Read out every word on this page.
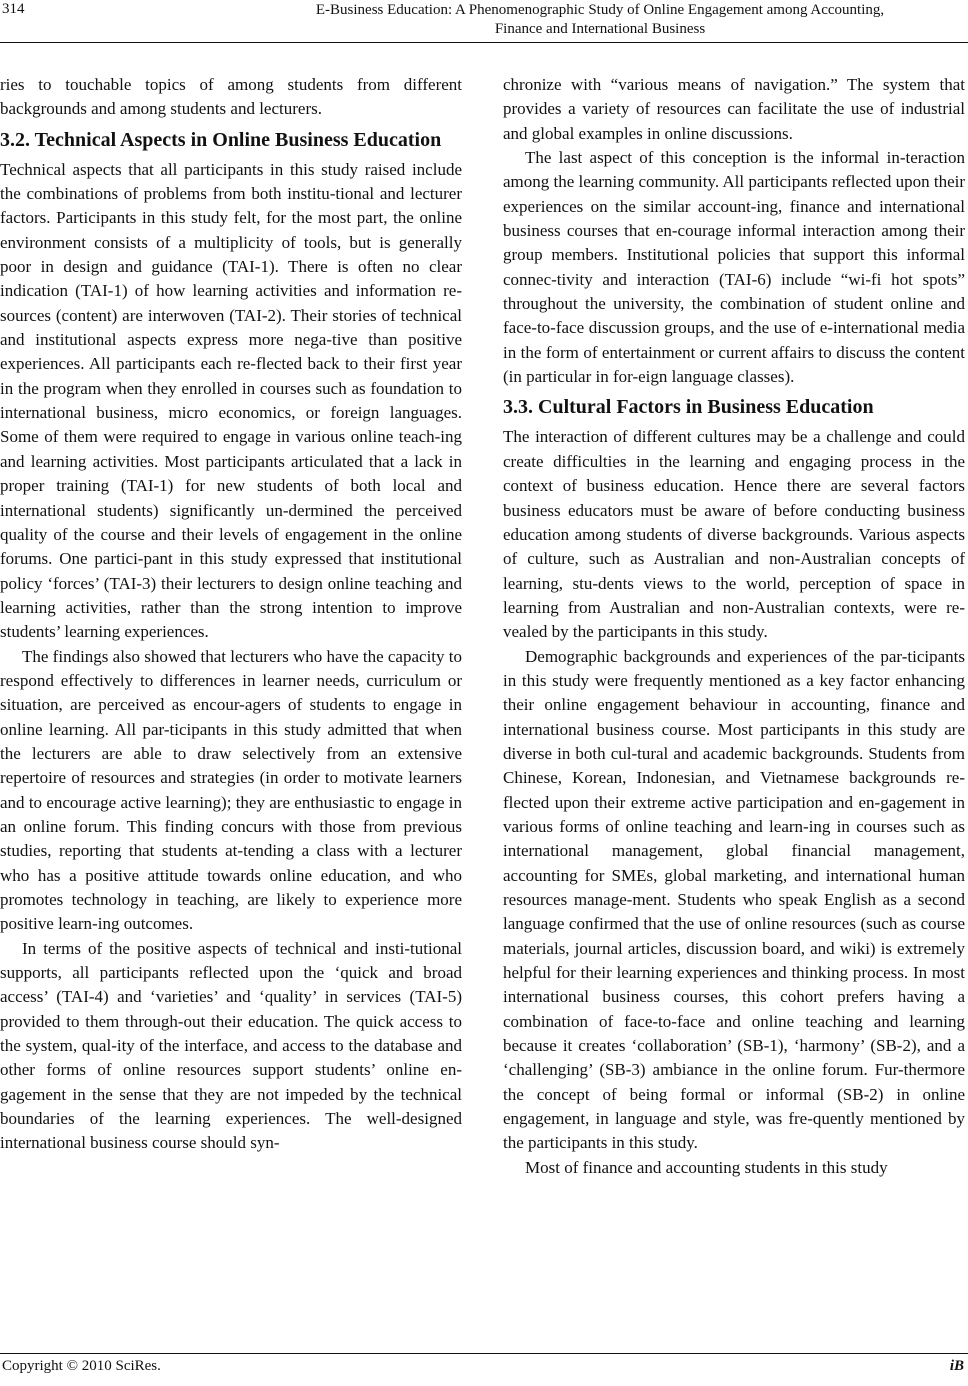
314	E-Business Education: A Phenomenographic Study of Online Engagement among Accounting,
Finance and International Business

ries to touchable topics of among students from different backgrounds and among students and lecturers.

3.2. Technical Aspects in Online Business Education

Technical aspects that all participants in this study raised include the combinations of problems from both institu-tional and lecturer factors. Participants in this study felt, for the most part, the online environment consists of a multiplicity of tools, but is generally poor in design and guidance (TAI-1). There is often no clear indication (TAI-1) of how learning activities and information re-sources (content) are interwoven (TAI-2). Their stories of technical and institutional aspects express more nega-tive than positive experiences. All participants each re-flected back to their first year in the program when they enrolled in courses such as foundation to international business, micro economics, or foreign languages. Some of them were required to engage in various online teach-ing and learning activities. Most participants articulated that a lack in proper training (TAI-1) for new students of both local and international students) significantly un-dermined the perceived quality of the course and their levels of engagement in the online forums. One partici-pant in this study expressed that institutional policy ‘forces’ (TAI-3) their lecturers to design online teaching and learning activities, rather than the strong intention to improve students’ learning experiences.

The findings also showed that lecturers who have the capacity to respond effectively to differences in learner needs, curriculum or situation, are perceived as encour-agers of students to engage in online learning. All par-ticipants in this study admitted that when the lecturers are able to draw selectively from an extensive repertoire of resources and strategies (in order to motivate learners and to encourage active learning); they are enthusiastic to engage in an online forum. This finding concurs with those from previous studies, reporting that students at-tending a class with a lecturer who has a positive attitude towards online education, and who promotes technology in teaching, are likely to experience more positive learn-ing outcomes.

In terms of the positive aspects of technical and insti-tutional supports, all participants reflected upon the ‘quick and broad access’ (TAI-4) and ‘varieties’ and ‘quality’ in services (TAI-5) provided to them through-out their education. The quick access to the system, qual-ity of the interface, and access to the database and other forms of online resources support students’ online en-gagement in the sense that they are not impeded by the technical boundaries of the learning experiences. The well-designed international business course should syn-

chronize with “various means of navigation.” The system that provides a variety of resources can facilitate the use of industrial and global examples in online discussions.

The last aspect of this conception is the informal in-teraction among the learning community. All participants reflected upon their experiences on the similar account-ing, finance and international business courses that en-courage informal interaction among their group members. Institutional policies that support this informal connec-tivity and interaction (TAI-6) include “wi-fi hot spots” throughout the university, the combination of student online and face-to-face discussion groups, and the use of e-international media in the form of entertainment or current affairs to discuss the content (in particular in for-eign language classes).

3.3. Cultural Factors in Business Education

The interaction of different cultures may be a challenge and could create difficulties in the learning and engaging process in the context of business education. Hence there are several factors business educators must be aware of before conducting business education among students of diverse backgrounds. Various aspects of culture, such as Australian and non-Australian concepts of learning, stu-dents views to the world, perception of space in learning from Australian and non-Australian contexts, were re-vealed by the participants in this study.

Demographic backgrounds and experiences of the par-ticipants in this study were frequently mentioned as a key factor enhancing their online engagement behaviour in accounting, finance and international business course. Most participants in this study are diverse in both cul-tural and academic backgrounds. Students from Chinese, Korean, Indonesian, and Vietnamese backgrounds re-flected upon their extreme active participation and en-gagement in various forms of online teaching and learn-ing in courses such as international management, global financial management, accounting for SMEs, global marketing, and international human resources manage-ment. Students who speak English as a second language confirmed that the use of online resources (such as course materials, journal articles, discussion board, and wiki) is extremely helpful for their learning experiences and thinking process. In most international business courses, this cohort prefers having a combination of face-to-face and online teaching and learning because it creates ‘collaboration’ (SB-1), ‘harmony’ (SB-2), and a ‘challenging’ (SB-3) ambiance in the online forum. Fur-thermore the concept of being formal or informal (SB-2) in online engagement, in language and style, was fre-quently mentioned by the participants in this study.

Most of finance and accounting students in this study

Copyright © 2010 SciRes.	iB
